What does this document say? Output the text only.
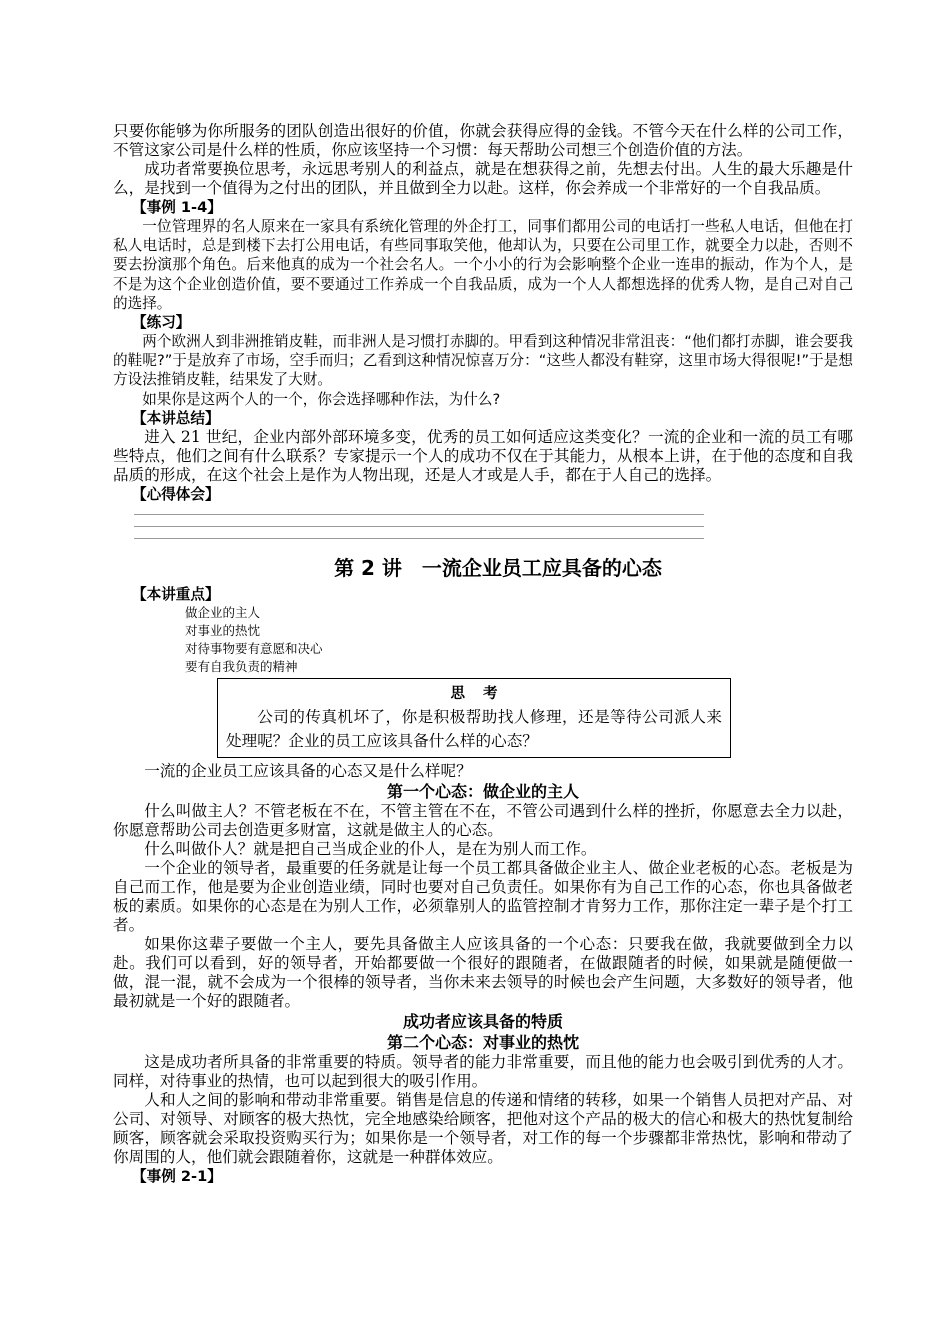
只要你能够为你所服务的团队创造出很好的价值，你就会获得应得的金钱。不管今天在什么样的公司工作，不管这家公司是什么样的性质，你应该坚持一个习惯：每天帮助公司想三个创造价值的方法。

成功者常要换位思考，永远思考别人的利益点，就是在想获得之前，先想去付出。人生的最大乐趣是什么，是找到一个值得为之付出的团队，并且做到全力以赴。这样，你会养成一个非常好的一个自我品质。

【事例 1-4】

一位管理界的名人原来在一家具有系统化管理的外企打工，同事们都用公司的电话打一些私人电话，但他在打私人电话时，总是到楼下去打公用电话，有些同事取笑他，他却认为，只要在公司里工作，就要全力以赴，否则不要去扮演那个角色。后来他真的成为一个社会名人。一个小小的行为会影响整个企业一连串的振动，作为个人，是不是为这个企业创造价值，要不要通过工作养成一个自我品质，成为一个人人都想选择的优秀人物，是自己对自己的选择。

【练习】

两个欧洲人到非洲推销皮鞋，而非洲人是习惯打赤脚的。甲看到这种情况非常沮丧：“他们都打赤脚，谁会要我的鞋呢?”于是放弃了市场，空手而归；乙看到这种情况惊喜万分：“这些人都没有鞋穿，这里市场大得很呢!”于是想方设法推销皮鞋，结果发了大财。

如果你是这两个人的一个，你会选择哪种作法，为什么?

【本讲总结】

进入 21 世纪，企业内部外部环境多变，优秀的员工如何适应这类变化？一流的企业和一流的员工有哪些特点，他们之间有什么联系？专家提示一个人的成功不仅在于其能力，从根本上讲，在于他的态度和自我品质的形成，在这个社会上是作为人物出现，还是人才或是人手，都在于人自己的选择。

【心得体会】
第 2 讲　一流企业员工应具备的心态
【本讲重点】
做企业的主人
对事业的热忱
对待事物要有意愿和决心
要有自我负责的精神
思考

公司的传真机坏了，你是积极帮助找人修理，还是等待公司派人来处理呢？企业的员工应该具备什么样的心态？

一流的企业员工应该具备的心态又是什么样呢？

第一个心态：做企业的主人

什么叫做主人？不管老板在不在，不管主管在不在，不管公司遇到什么样的挫折，你愿意去全力以赴，你愿意帮助公司去创造更多财富，这就是做主人的心态。

什么叫做仆人？就是把自己当成企业的仆人，是在为别人而工作。

一个企业的领导者，最重要的任务就是让每一个员工都具备做企业主人、做企业老板的心态。老板是为自己而工作，他是要为企业创造业绩，同时也要对自己负责任。如果你有为自己工作的心态，你也具备做老板的素质。如果你的心态是在为别人工作，必须靠别人的监管控制才肯努力工作，那你注定一辈子是个打工者。

如果你这辈子要做一个主人，要先具备做主人应该具备的一个心态：只要我在做，我就要做到全力以赴。我们可以看到，好的领导者，开始都要做一个很好的跟随者，在做跟随者的时候，如果就是随便做一做，混一混，就不会成为一个很棒的领导者，当你未来去领导的时候也会产生问题，大多数好的领导者，他最初就是一个好的跟随者。

成功者应该具备的特质
第二个心态：对事业的热忱

这是成功者所具备的非常重要的特质。领导者的能力非常重要，而且他的能力也会吸引到优秀的人才。同样，对待事业的热情，也可以起到很大的吸引作用。

人和人之间的影响和带动非常重要。销售是信息的传递和情绪的转移，如果一个销售人员把对产品、对公司、对领导、对顾客的极大热忱，完全地感染给顾客，把他对这个产品的极大的信心和极大的热忱复制给顾客，顾客就会采取投资购买行为；如果你是一个领导者，对工作的每一个步骤都非常热忱，影响和带动了你周围的人，他们就会跟随着你，这就是一种群体效应。

【事例 2-1】
